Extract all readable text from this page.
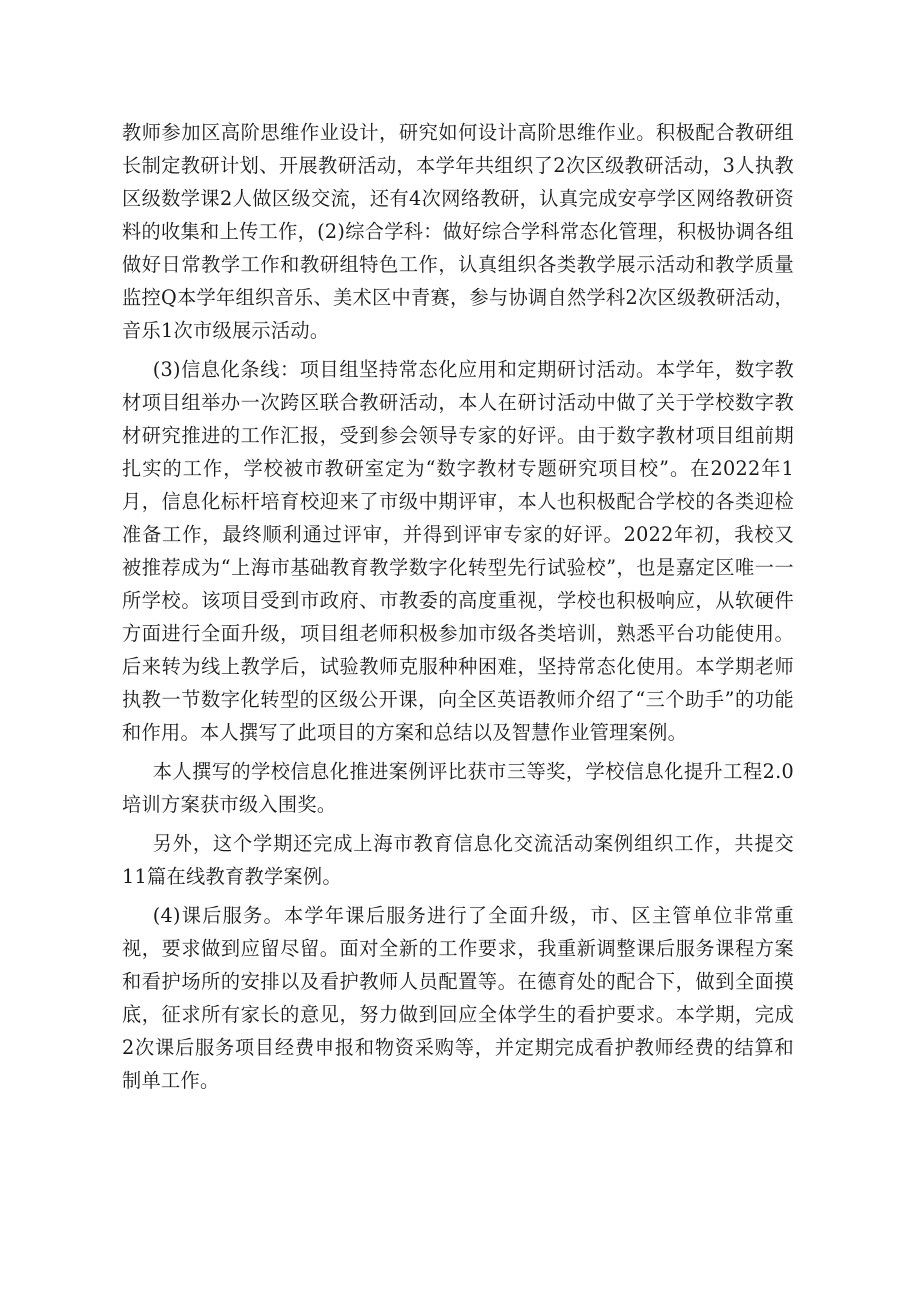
教师参加区高阶思维作业设计，研究如何设计高阶思维作业。积极配合教研组长制定教研计划、开展教研活动，本学年共组织了2次区级教研活动，3人执教区级数学课2人做区级交流，还有4次网络教研，认真完成安亭学区网络教研资料的收集和上传工作，(2)综合学科：做好综合学科常态化管理，积极协调各组做好日常教学工作和教研组特色工作，认真组织各类教学展示活动和教学质量监控Q本学年组织音乐、美术区中青赛，参与协调自然学科2次区级教研活动，音乐1次市级展示活动。

(3)信息化条线：项目组坚持常态化应用和定期研讨活动。本学年，数字教材项目组举办一次跨区联合教研活动，本人在研讨活动中做了关于学校数字教材研究推进的工作汇报，受到参会领导专家的好评。由于数字教材项目组前期扎实的工作，学校被市教研室定为“数字教材专题研究项目校”。在2022年1月，信息化标杆培育校迎来了市级中期评审，本人也积极配合学校的各类迎检准备工作，最终顺利通过评审，并得到评审专家的好评。2022年初，我校又被推荐成为“上海市基础教育教学数字化转型先行试验校”，也是嘉定区唯一一所学校。该项目受到市政府、市教委的高度重视，学校也积极响应，从软硬件方面进行全面升级，项目组老师积极参加市级各类培训，熟悉平台功能使用。后来转为线上教学后，试验教师克服种种困难，坚持常态化使用。本学期老师执教一节数字化转型的区级公开课，向全区英语教师介绍了“三个助手”的功能和作用。本人撰写了此项目的方案和总结以及智慧作业管理案例。

本人撰写的学校信息化推进案例评比获市三等奖，学校信息化提升工程2.0培训方案获市级入围奖。

另外，这个学期还完成上海市教育信息化交流活动案例组织工作，共提交11篇在线教育教学案例。

(4)课后服务。本学年课后服务进行了全面升级，市、区主管单位非常重视，要求做到应留尽留。面对全新的工作要求，我重新调整课后服务课程方案和看护场所的安排以及看护教师人员配置等。在德育处的配合下，做到全面摸底，征求所有家长的意见，努力做到回应全体学生的看护要求。本学期，完成2次课后服务项目经费申报和物资采购等，并定期完成看护教师经费的结算和制单工作。
